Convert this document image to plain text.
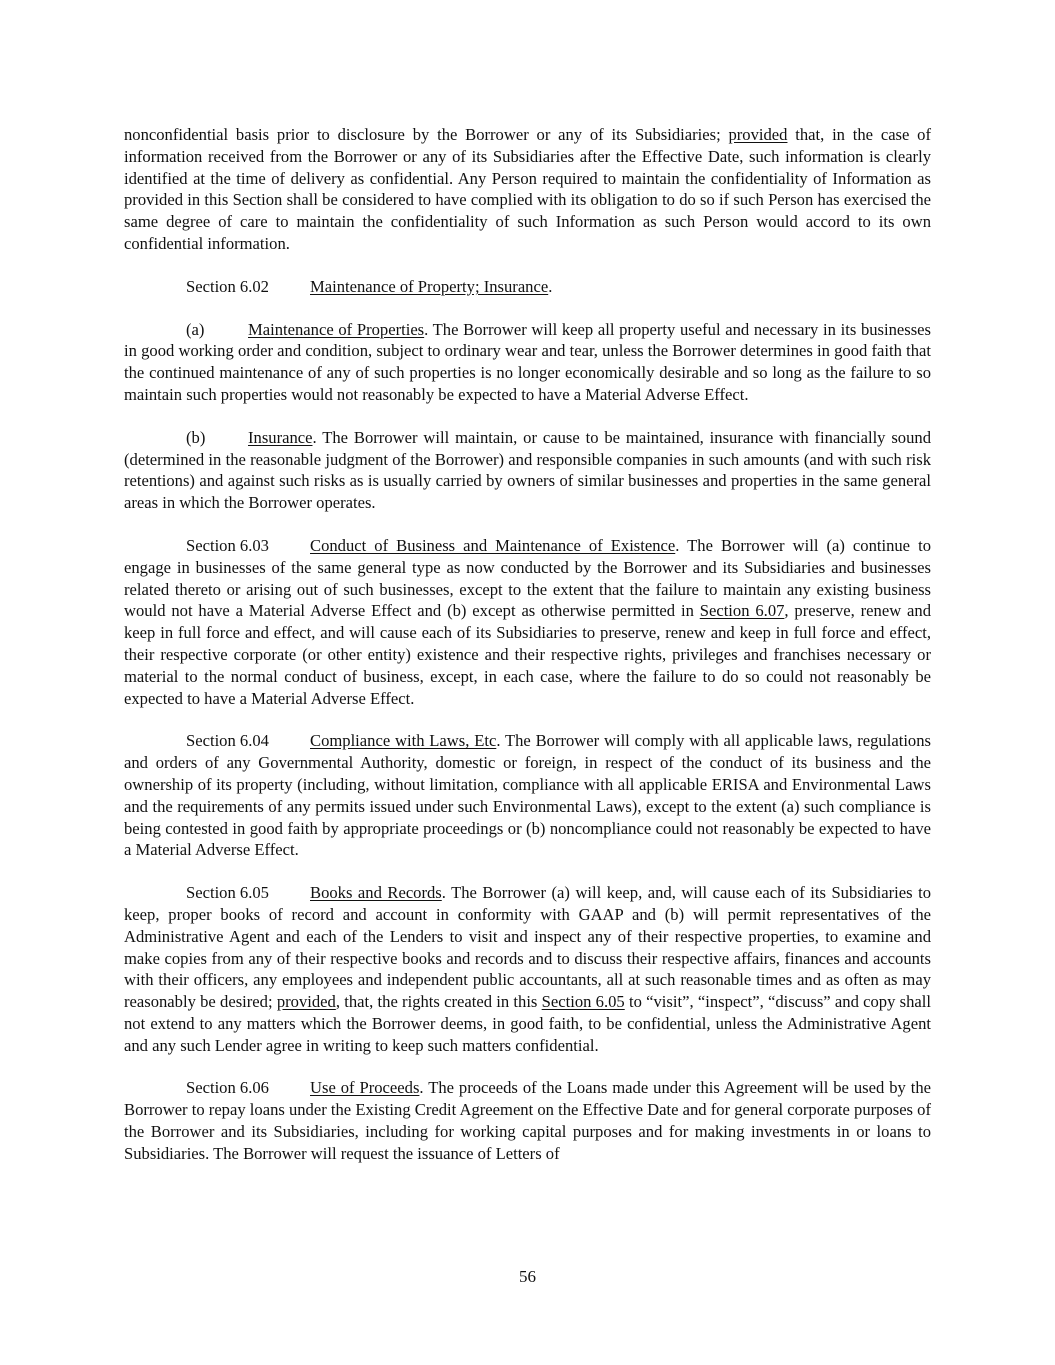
nonconfidential basis prior to disclosure by the Borrower or any of its Subsidiaries; provided that, in the case of information received from the Borrower or any of its Subsidiaries after the Effective Date, such information is clearly identified at the time of delivery as confidential. Any Person required to maintain the confidentiality of Information as provided in this Section shall be considered to have complied with its obligation to do so if such Person has exercised the same degree of care to maintain the confidentiality of such Information as such Person would accord to its own confidential information.

Section 6.02 Maintenance of Property; Insurance.

(a)	Maintenance of Properties. The Borrower will keep all property useful and necessary in its businesses in good working order and condition, subject to ordinary wear and tear, unless the Borrower determines in good faith that the continued maintenance of any of such properties is no longer economically desirable and so long as the failure to so maintain such properties would not reasonably be expected to have a Material Adverse Effect.

(b)	Insurance. The Borrower will maintain, or cause to be maintained, insurance with financially sound (determined in the reasonable judgment of the Borrower) and responsible companies in such amounts (and with such risk retentions) and against such risks as is usually carried by owners of similar businesses and properties in the same general areas in which the Borrower operates.

Section 6.03 Conduct of Business and Maintenance of Existence. The Borrower will (a) continue to engage in businesses of the same general type as now conducted by the Borrower and its Subsidiaries and businesses related thereto or arising out of such businesses, except to the extent that the failure to maintain any existing business would not have a Material Adverse Effect and (b) except as otherwise permitted in Section 6.07, preserve, renew and keep in full force and effect, and will cause each of its Subsidiaries to preserve, renew and keep in full force and effect, their respective corporate (or other entity) existence and their respective rights, privileges and franchises necessary or material to the normal conduct of business, except, in each case, where the failure to do so could not reasonably be expected to have a Material Adverse Effect.

Section 6.04 Compliance with Laws, Etc. The Borrower will comply with all applicable laws, regulations and orders of any Governmental Authority, domestic or foreign, in respect of the conduct of its business and the ownership of its property (including, without limitation, compliance with all applicable ERISA and Environmental Laws and the requirements of any permits issued under such Environmental Laws), except to the extent (a) such compliance is being contested in good faith by appropriate proceedings or (b) noncompliance could not reasonably be expected to have a Material Adverse Effect.

Section 6.05 Books and Records. The Borrower (a) will keep, and, will cause each of its Subsidiaries to keep, proper books of record and account in conformity with GAAP and (b) will permit representatives of the Administrative Agent and each of the Lenders to visit and inspect any of their respective properties, to examine and make copies from any of their respective books and records and to discuss their respective affairs, finances and accounts with their officers, any employees and independent public accountants, all at such reasonable times and as often as may reasonably be desired; provided, that, the rights created in this Section 6.05 to “visit”, “inspect”, “discuss” and copy shall not extend to any matters which the Borrower deems, in good faith, to be confidential, unless the Administrative Agent and any such Lender agree in writing to keep such matters confidential.

Section 6.06 Use of Proceeds. The proceeds of the Loans made under this Agreement will be used by the Borrower to repay loans under the Existing Credit Agreement on the Effective Date and for general corporate purposes of the Borrower and its Subsidiaries, including for working capital purposes and for making investments in or loans to Subsidiaries. The Borrower will request the issuance of Letters of

56
